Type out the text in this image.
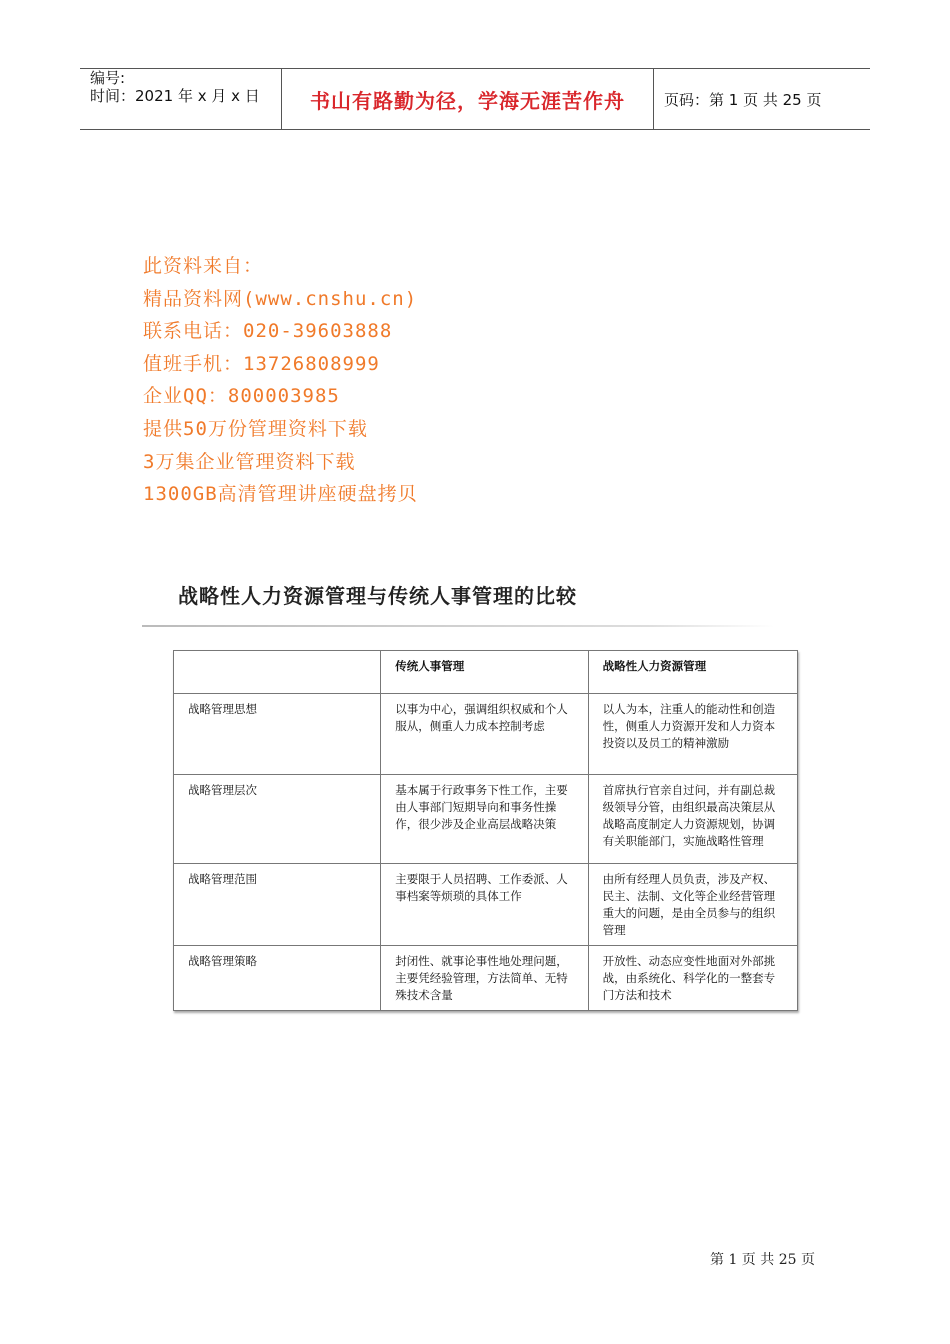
编号:
时间：2021 年 x 月 x 日	书山有路勤为径，学海无涯苦作舟	页码：第 1 页 共 25 页
此资料来自：
精品资料网(www.cnshu.cn)
联系电话：020-39603888
值班手机：13726808999
企业QQ：800003985
提供50万份管理资料下载
3万集企业管理资料下载
1300GB高清管理讲座硬盘拷贝
战略性人力资源管理与传统人事管理的比较

	传统人事管理	战略性人力资源管理

战略管理思想	以事为中心，强调组织权威和个人服从，侧重人力成本控制考虑	以人为本，注重人的能动性和创造性，侧重人力资源开发和人力资本投资以及员工的精神激励

战略管理层次	基本属于行政事务下性工作，主要由人事部门短期导向和事务性操作，很少涉及企业高层战略决策	首席执行官亲自过问，并有副总裁级领导分管，由组织最高决策层从战略高度制定人力资源规划，协调有关职能部门，实施战略性管理

战略管理范围	主要限于人员招聘、工作委派、人事档案等烦琐的具体工作	由所有经理人员负责，涉及产权、民主、法制、文化等企业经营管理重大的问题，是由全员参与的组织管理

战略管理策略	封闭性、就事论事性地处理问题，主要凭经验管理，方法简单、无特殊技术含量	开放性、动态应变性地面对外部挑战，由系统化、科学化的一整套专门方法和技术
第 1 页 共 25 页
